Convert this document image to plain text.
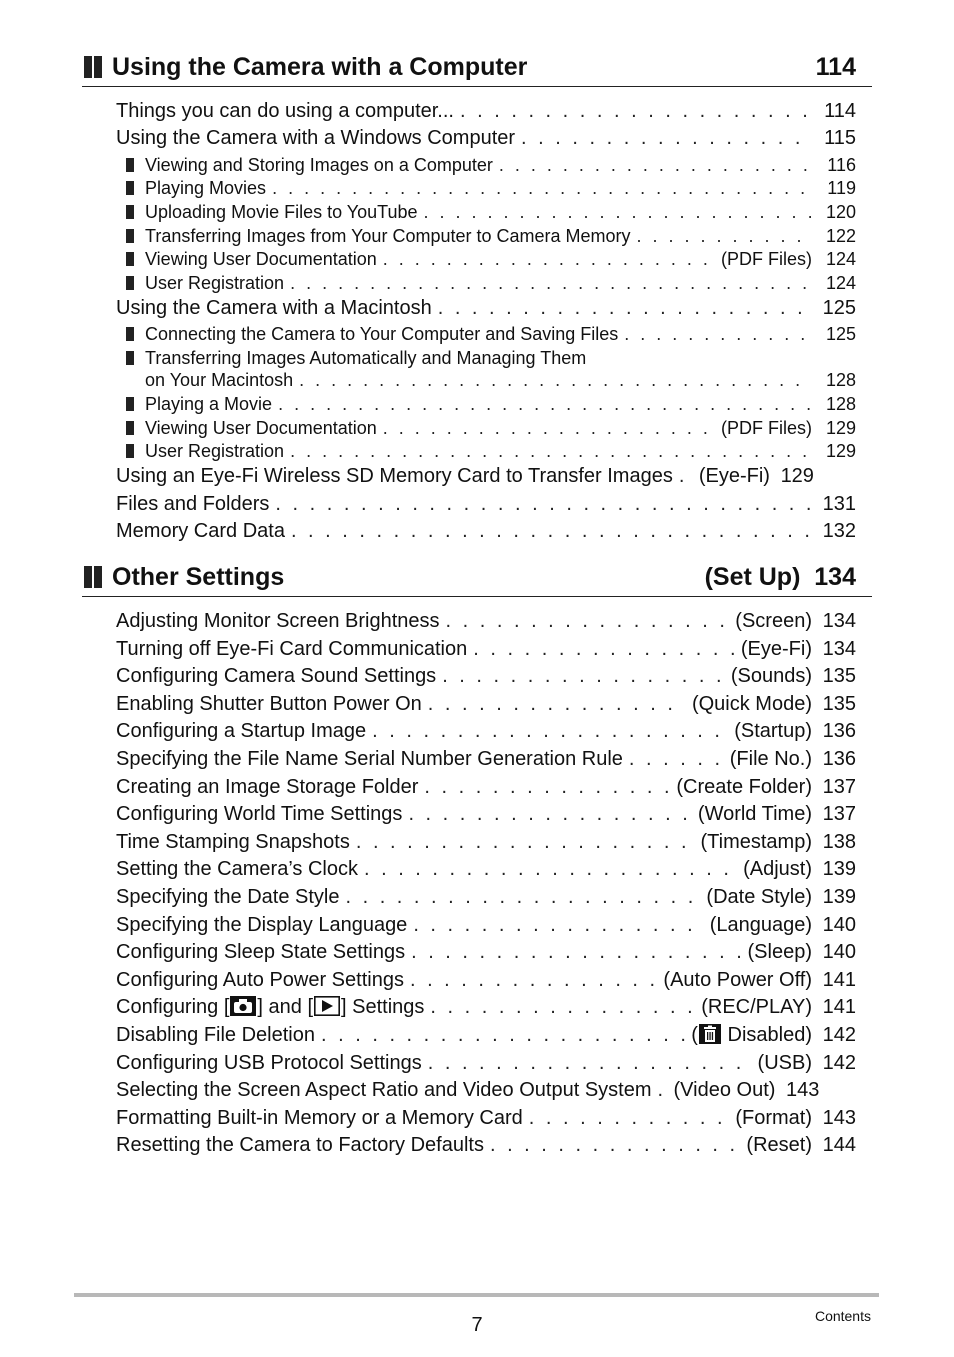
Using the Camera with a Computer	114
Things you can do using a computer... . . .	114
Using the Camera with a Windows Computer . . .	115
Viewing and Storing Images on a Computer . . .	116
Playing Movies . . .	119
Uploading Movie Files to YouTube . . .	120
Transferring Images from Your Computer to Camera Memory . . .	122
Viewing User Documentation . . .	(PDF Files) 124
User Registration . . .	124
Using the Camera with a Macintosh . . .	125
Connecting the Camera to Your Computer and Saving Files . . .	125
Transferring Images Automatically and Managing Them
on Your Macintosh . . .	128
Playing a Movie . . .	128
Viewing User Documentation . . .	(PDF Files) 129
User Registration . . .	129
Using an Eye-Fi Wireless SD Memory Card to Transfer Images . . . (Eye-Fi) 129
Files and Folders . . .	131
Memory Card Data . . .	132
Other Settings	(Set Up)  134
Adjusting Monitor Screen Brightness . . .	(Screen) 134
Turning off Eye-Fi Card Communication . . .	(Eye-Fi) 134
Configuring Camera Sound Settings . . .	(Sounds) 135
Enabling Shutter Button Power On . . .	(Quick Mode) 135
Configuring a Startup Image . . .	(Startup) 136
Specifying the File Name Serial Number Generation Rule . . .	(File No.) 136
Creating an Image Storage Folder . . .	(Create Folder) 137
Configuring World Time Settings . . .	(World Time) 137
Time Stamping Snapshots . . .	(Timestamp) 138
Setting the Camera’s Clock . . .	(Adjust) 139
Specifying the Date Style . . .	(Date Style) 139
Specifying the Display Language . . .	(Language) 140
Configuring Sleep State Settings . . .	(Sleep) 140
Configuring Auto Power Settings . . .	(Auto Power Off) 141
Configuring [ ] and [ ] Settings . . .	(REC/PLAY) 141
Disabling File Deletion . . .	( Disabled) 142
Configuring USB Protocol Settings . . .	(USB) 142
Selecting the Screen Aspect Ratio and Video Output System . . . (Video Out) 143
Formatting Built-in Memory or a Memory Card . . .	(Format) 143
Resetting the Camera to Factory Defaults . . .	(Reset) 144
7	Contents
